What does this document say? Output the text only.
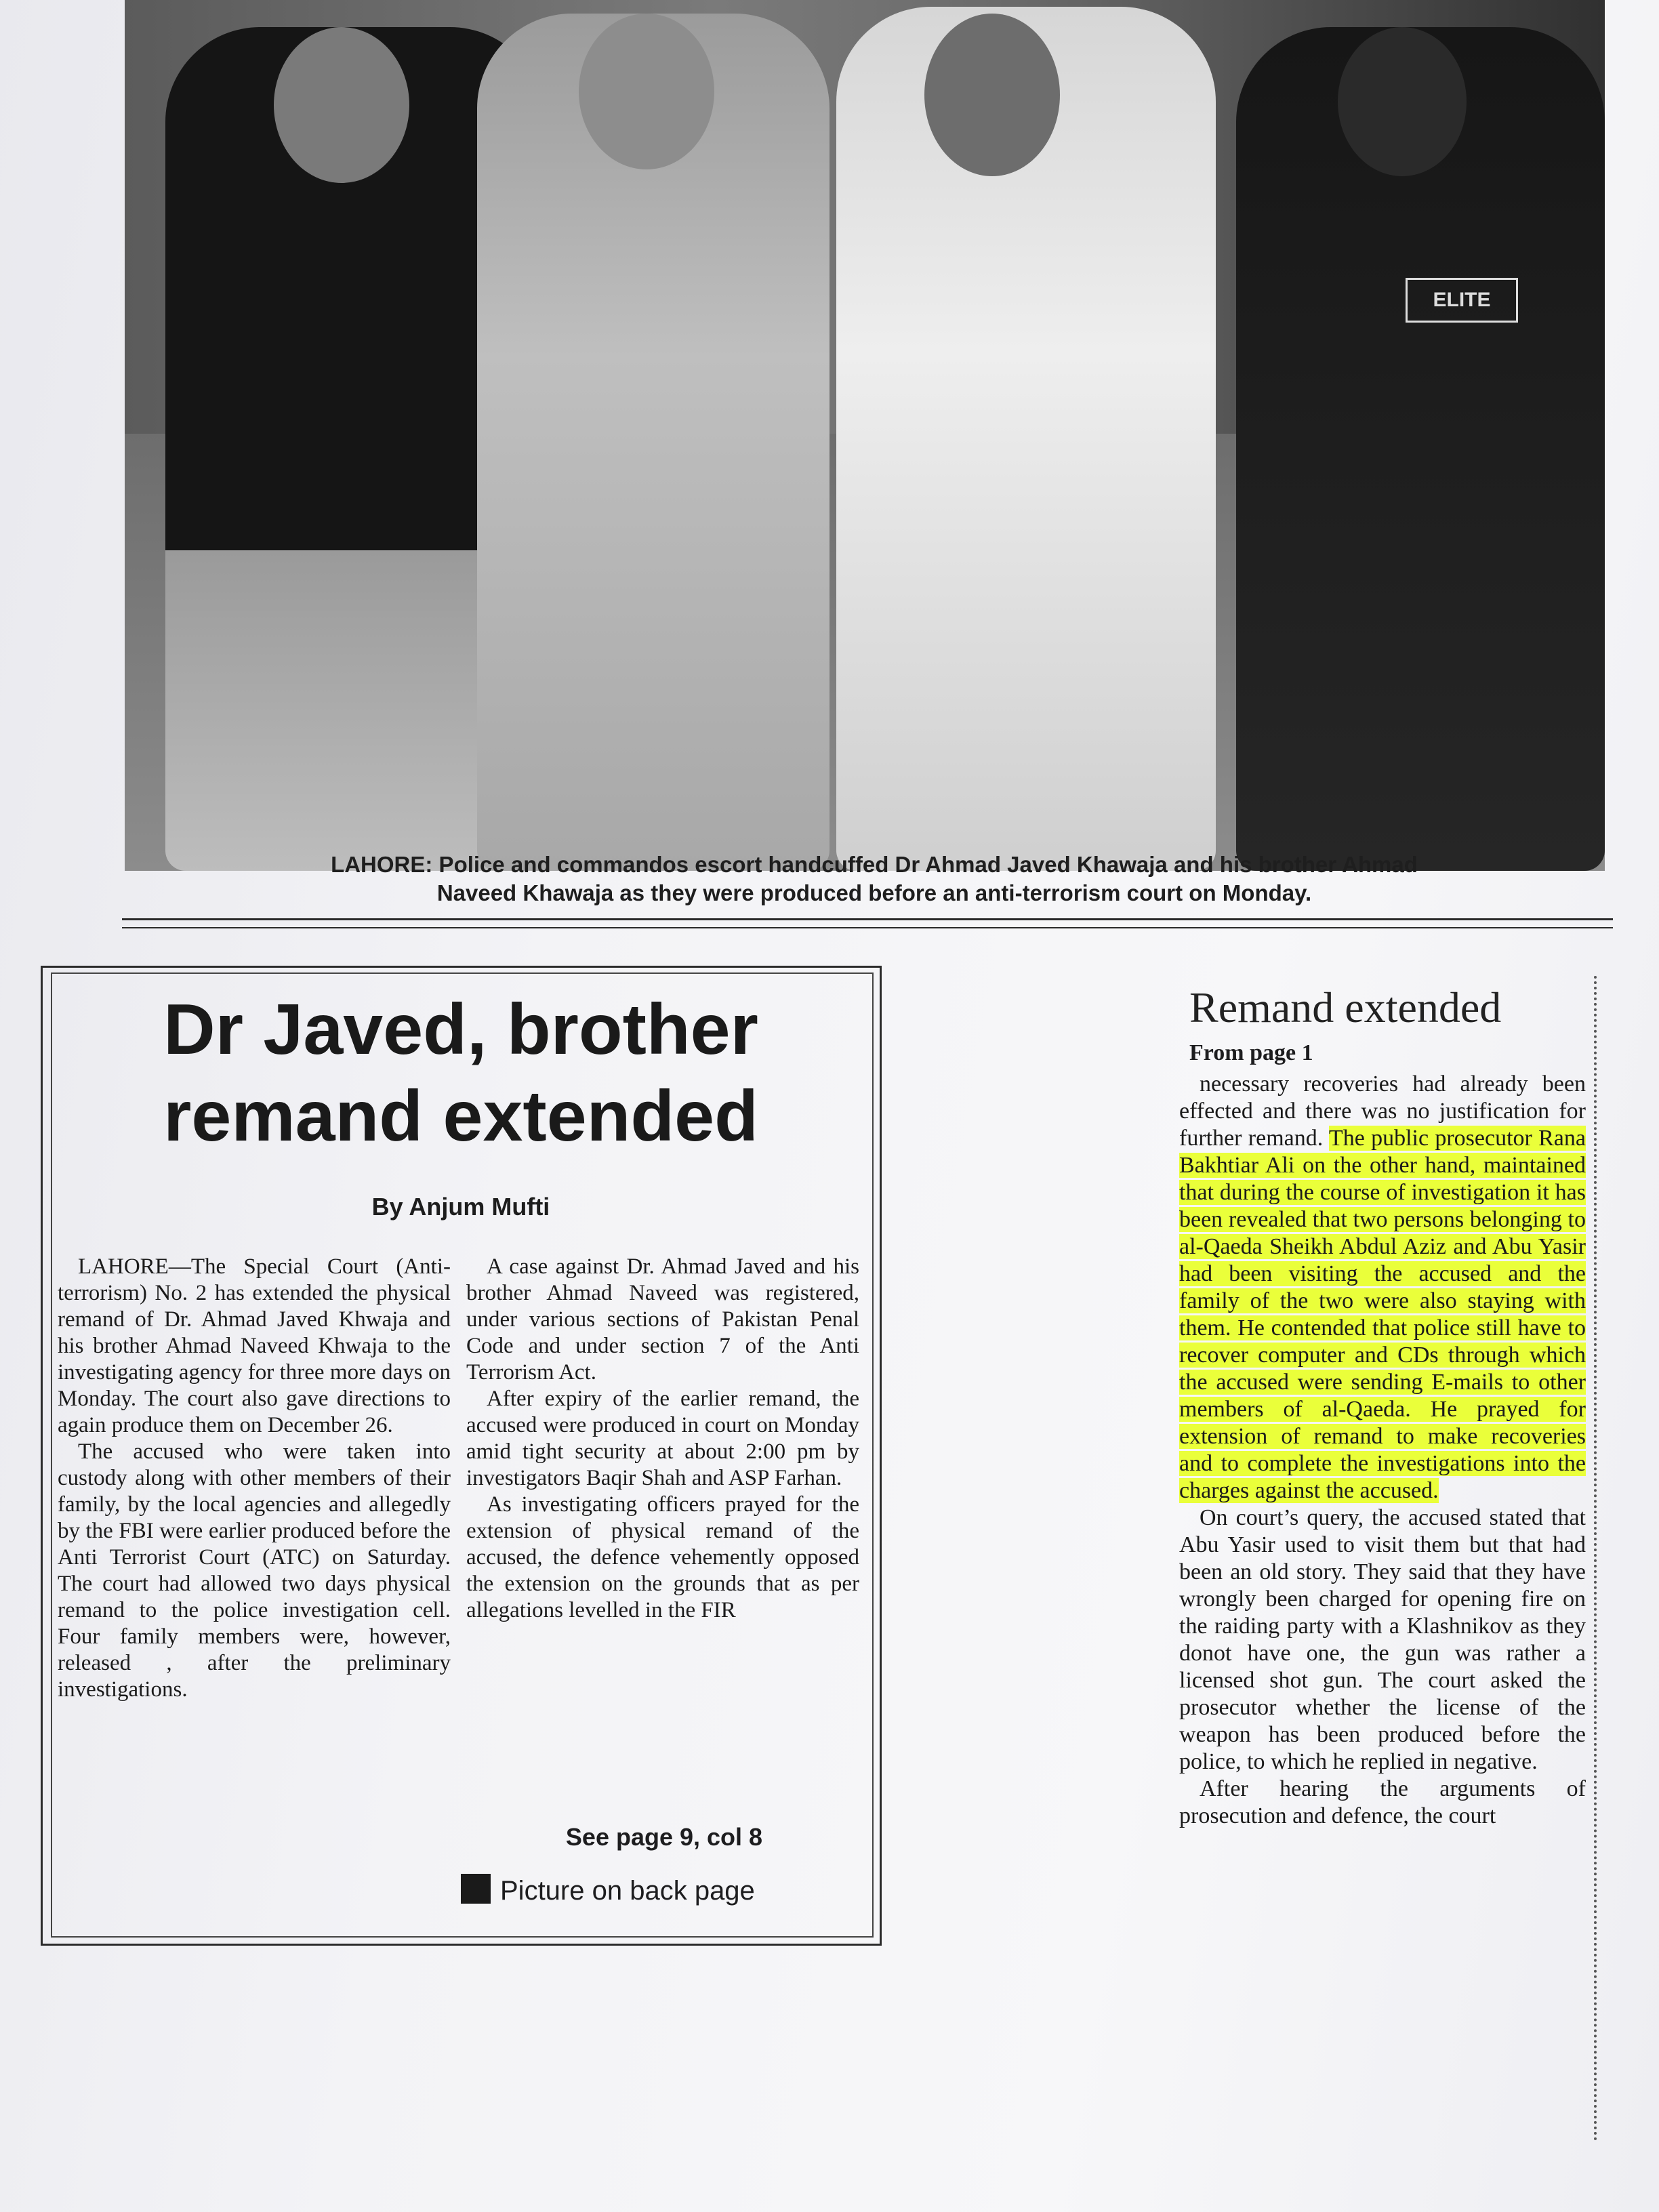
ELITE
LAHORE: Police and commandos escort handcuffed Dr Ahmad Javed Khawaja and his brother Ahmad
Naveed Khawaja as they were produced before an anti-terrorism court on Monday.
Dr Javed, brother
remand extended
By Anjum Mufti

LAHORE—The Special Court (Anti-terrorism) No. 2 has extended the physical remand of Dr. Ahmad Javed Khwaja and his brother Ahmad Naveed Khwaja to the investigating agency for three more days on Monday. The court also gave directions to again produce them on December 26.

The accused who were taken into custody along with other members of their family, by the local agencies and allegedly by the FBI were earlier produced before the Anti Terrorist Court (ATC) on Saturday. The court had allowed two days physical remand to the police investigation cell. Four family members were, however, released , after the preliminary investigations.

A case against Dr. Ahmad Javed and his brother Ahmad Naveed was registered, under various sections of Pakistan Penal Code and under section 7 of the Anti Terrorism Act.

After expiry of the earlier remand, the accused were produced in court on Monday amid tight security at about 2:00 pm by investigators Baqir Shah and ASP Farhan.

As investigating officers prayed for the extension of physical remand of the accused, the defence vehemently opposed the extension on the grounds that as per allegations levelled in the FIR

See page 9, col 8
Picture on back page
Remand extended
From page 1

necessary recoveries had already been effected and there was no justification for further remand. The public prosecutor Rana Bakhtiar Ali on the other hand, maintained that during the course of investigation it has been revealed that two persons belonging to al-Qaeda Sheikh Abdul Aziz and Abu Yasir had been visiting the accused and the family of the two were also staying with them. He contended that police still have to recover computer and CDs through which the accused were sending E-mails to other members of al-Qaeda. He prayed for extension of remand to make recoveries and to complete the investigations into the charges against the accused.

On court’s query, the accused stated that Abu Yasir used to visit them but that had been an old story. They said that they have wrongly been charged for opening fire on the raiding party with a Klashnikov as they donot have one, the gun was rather a licensed shot gun. The court asked the prosecutor whether the license of the weapon has been produced before the police, to which he replied in negative.

After hearing the arguments of prosecution and defence, the court
